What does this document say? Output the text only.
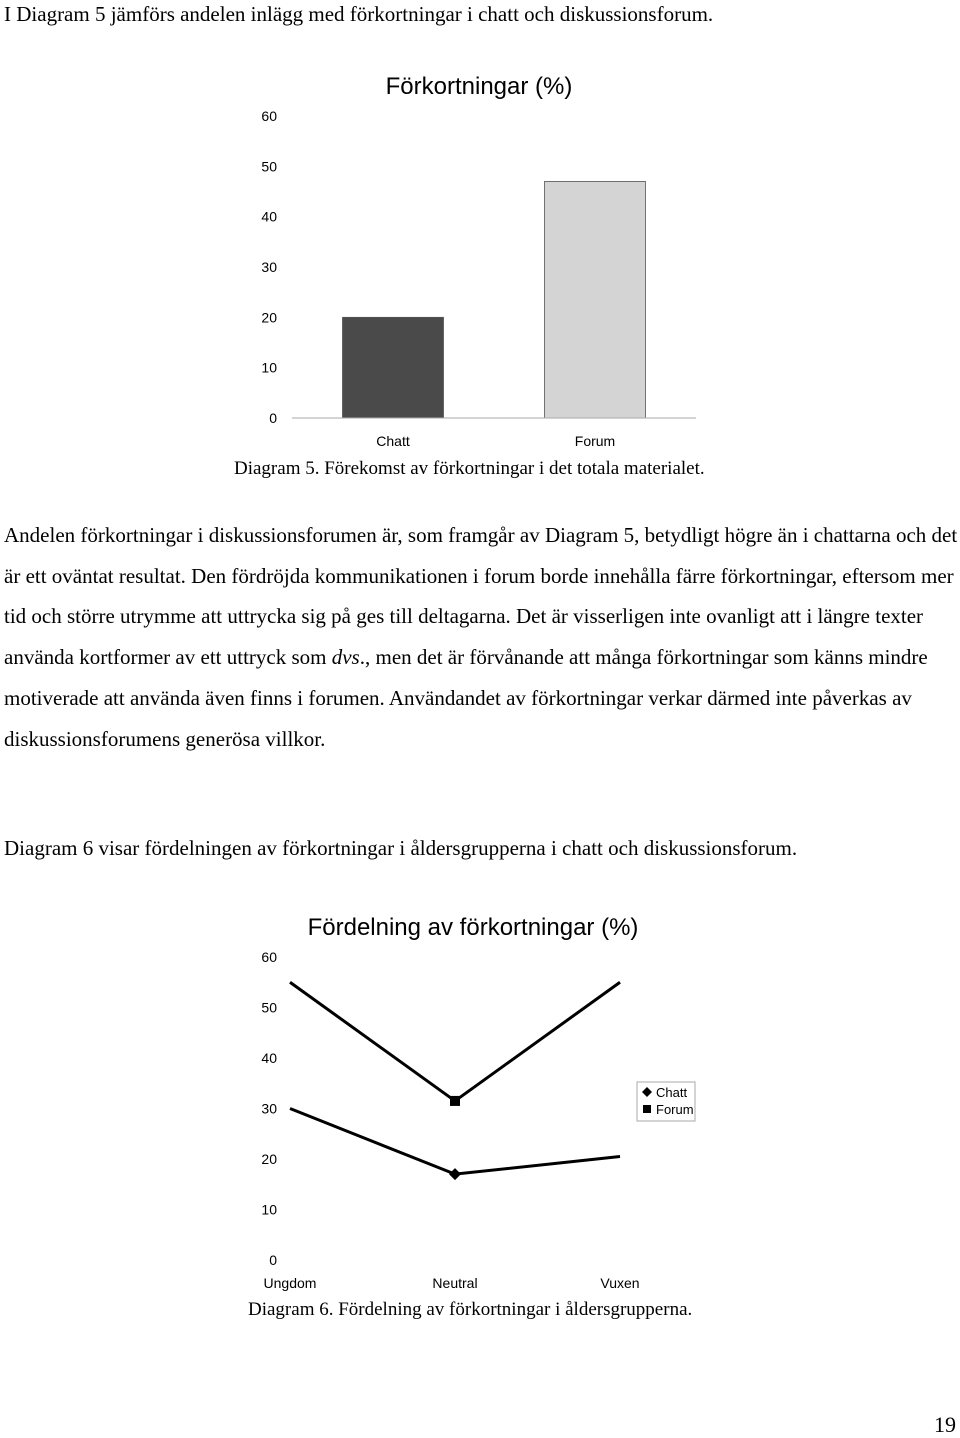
I Diagram 5 jämförs andelen inlägg med förkortningar i chatt och diskussionsforum.
Förkortningar (%)
0
10
20
30
40
50
60
Chatt	Forum
Diagram 5. Förekomst av förkortningar i det totala materialet.
Andelen förkortningar i diskussionsforumen är, som framgår av Diagram 5, betydligt högre än i chattarna och det är ett oväntat resultat. Den fördröjda kommunikationen i forum borde innehålla färre förkortningar, eftersom mer tid och större utrymme att uttrycka sig på ges till deltagarna. Det är visserligen inte ovanligt att i längre texter använda kortformer av ett uttryck som dvs., men det är förvånande att många förkortningar som känns mindre motiverade att använda även finns i forumen. Användandet av förkortningar verkar därmed inte påverkas av diskussionsforumens generösa villkor.
Diagram 6 visar fördelningen av förkortningar i åldersgrupperna i chatt och diskussionsforum.
Fördelning av förkortningar (%)
0
10
20
30
40
50
60
Ungdom	Neutral	Vuxen
Chatt
Forum
Diagram 6. Fördelning av förkortningar i åldersgrupperna.
19
